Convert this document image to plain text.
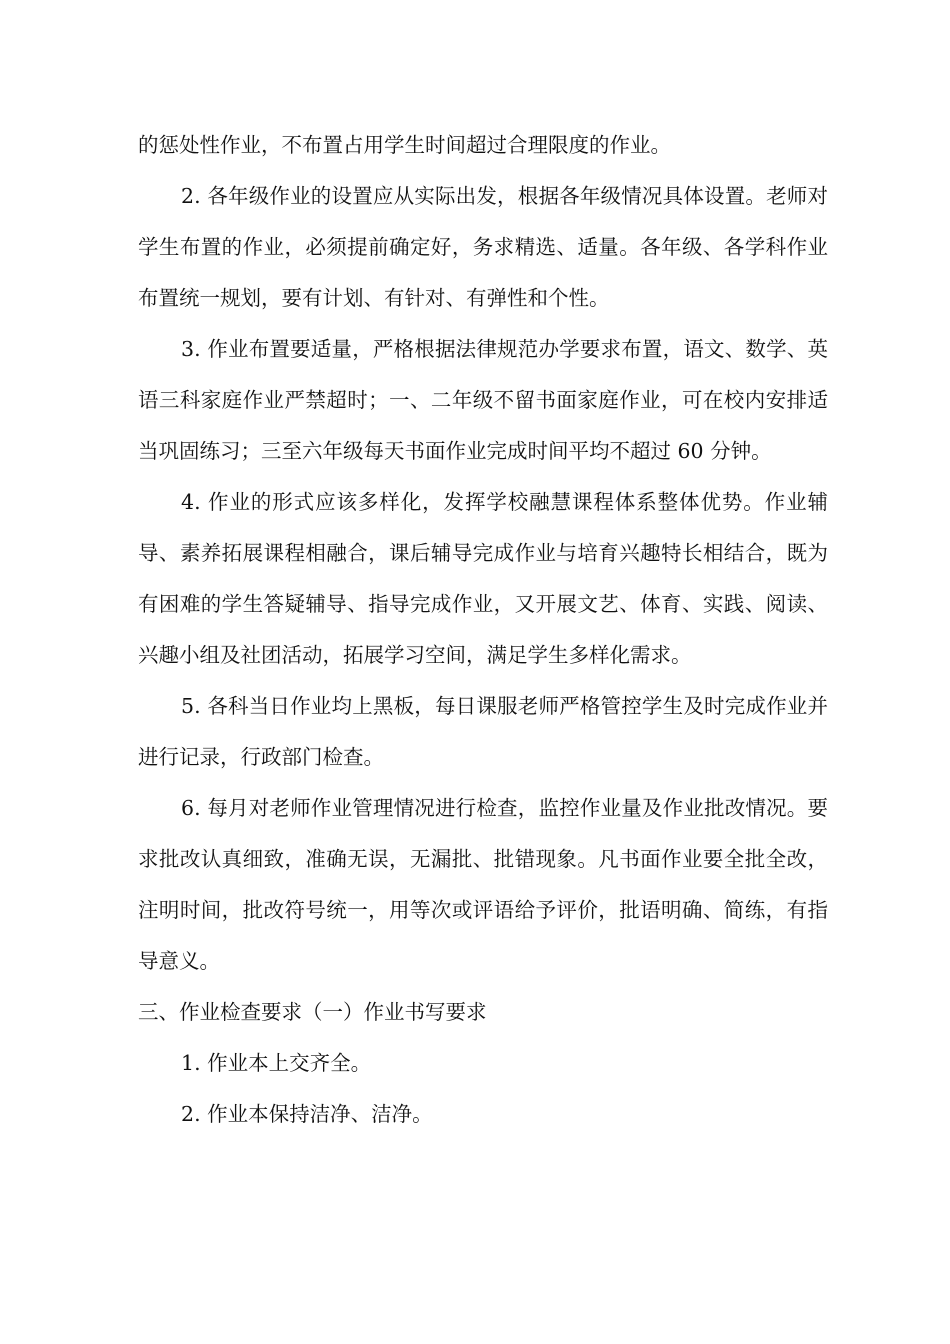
的惩处性作业，不布置占用学生时间超过合理限度的作业。

2. 各年级作业的设置应从实际出发，根据各年级情况具体设置。老师对学生布置的作业，必须提前确定好，务求精选、适量。各年级、各学科作业布置统一规划，要有计划、有针对、有弹性和个性。

3. 作业布置要适量，严格根据法律规范办学要求布置，语文、数学、英语三科家庭作业严禁超时；一、二年级不留书面家庭作业，可在校内安排适当巩固练习；三至六年级每天书面作业完成时间平均不超过 60 分钟。

4. 作业的形式应该多样化，发挥学校融慧课程体系整体优势。作业辅导、素养拓展课程相融合，课后辅导完成作业与培育兴趣特长相结合，既为有困难的学生答疑辅导、指导完成作业，又开展文艺、体育、实践、阅读、兴趣小组及社团活动，拓展学习空间，满足学生多样化需求。

5. 各科当日作业均上黑板，每日课服老师严格管控学生及时完成作业并进行记录，行政部门检查。

6. 每月对老师作业管理情况进行检查，监控作业量及作业批改情况。要求批改认真细致，准确无误，无漏批、批错现象。凡书面作业要全批全改，注明时间，批改符号统一，用等次或评语给予评价，批语明确、简练，有指导意义。

三、作业检查要求（一）作业书写要求

1. 作业本上交齐全。

2. 作业本保持洁净、洁净。
